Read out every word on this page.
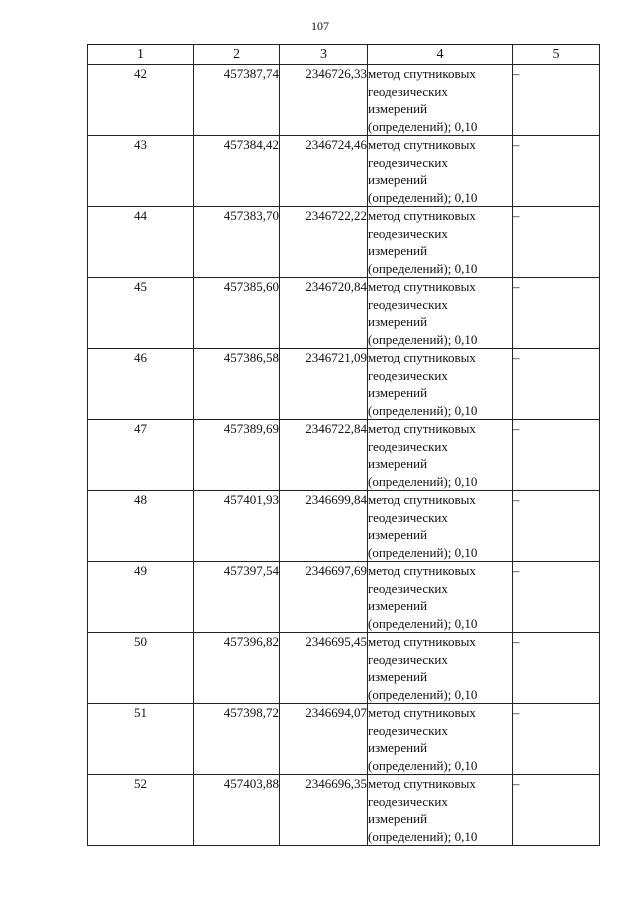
107
1	2	3	4	5
42	457387,74	2346726,33	метод спутниковых
геодезических
измерений
(определений); 0,10	–
43	457384,42	2346724,46	метод спутниковых
геодезических
измерений
(определений); 0,10	–
44	457383,70	2346722,22	метод спутниковых
геодезических
измерений
(определений); 0,10	–
45	457385,60	2346720,84	метод спутниковых
геодезических
измерений
(определений); 0,10	–
46	457386,58	2346721,09	метод спутниковых
геодезических
измерений
(определений); 0,10	–
47	457389,69	2346722,84	метод спутниковых
геодезических
измерений
(определений); 0,10	–
48	457401,93	2346699,84	метод спутниковых
геодезических
измерений
(определений); 0,10	–
49	457397,54	2346697,69	метод спутниковых
геодезических
измерений
(определений); 0,10	–
50	457396,82	2346695,45	метод спутниковых
геодезических
измерений
(определений); 0,10	–
51	457398,72	2346694,07	метод спутниковых
геодезических
измерений
(определений); 0,10	–
52	457403,88	2346696,35	метод спутниковых
геодезических
измерений
(определений); 0,10	–
